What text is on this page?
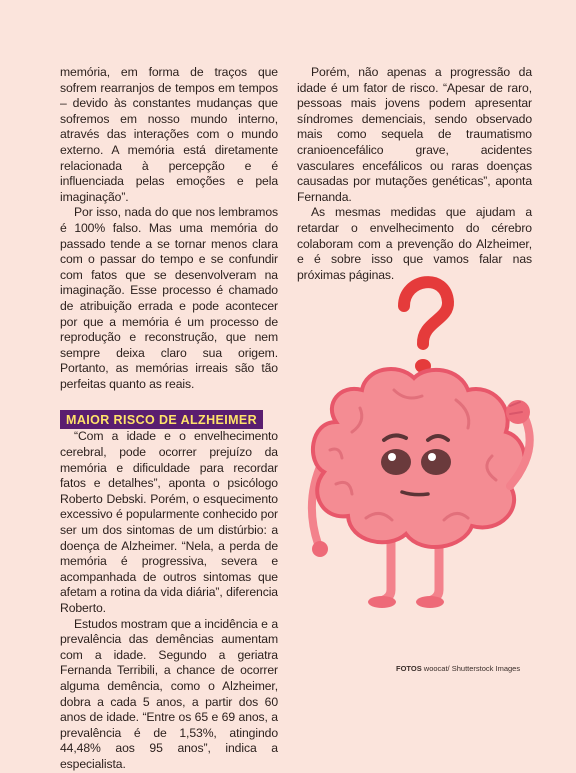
memória, em forma de traços que sofrem rearranjos de tempos em tempos – devido às constantes mudanças que sofremos em nosso mundo interno, através das interações com o mundo externo. A memória está diretamente relacionada à percepção e é influenciada pelas emoções e pela imaginação”.

Por isso, nada do que nos lembramos é 100% falso. Mas uma memória do passado tende a se tornar menos clara com o passar do tempo e se confundir com fatos que se desenvolveram na imaginação. Esse processo é chamado de atribuição errada e pode acontecer por que a memória é um processo de reprodução e reconstrução, que nem sempre deixa claro sua origem. Portanto, as memórias irreais são tão perfeitas quanto as reais.

MAIOR RISCO DE ALZHEIMER

“Com a idade e o envelhecimento cerebral, pode ocorrer prejuízo da memória e dificuldade para recordar fatos e detalhes”, aponta o psicólogo Roberto Debski. Porém, o esquecimento excessivo é popularmente conhecido por ser um dos sintomas de um distúrbio: a doença de Alzheimer. “Nela, a perda de memória é progressiva, severa e acompanhada de outros sintomas que afetam a rotina da vida diária”, diferencia Roberto.

Estudos mostram que a incidência e a prevalência das demências aumentam com a idade. Segundo a geriatra Fernanda Terribili, a chance de ocorrer alguma demência, como o Alzheimer, dobra a cada 5 anos, a partir dos 60 anos de idade. “Entre os 65 e 69 anos, a prevalência é de 1,53%, atingindo 44,48% aos 95 anos”, indica a especialista.

Porém, não apenas a progressão da idade é um fator de risco. “Apesar de raro, pessoas mais jovens podem apresentar síndromes demenciais, sendo observado mais como sequela de traumatismo cranioencefálico grave, acidentes vasculares encefálicos ou raras doenças causadas por mutações genéticas”, aponta Fernanda.

As mesmas medidas que ajudam a retardar o envelhecimento do cérebro colaboram com a prevenção do Alzheimer, e é sobre isso que vamos falar nas próximas páginas.

FOTOS woocat/ Shutterstock Images
